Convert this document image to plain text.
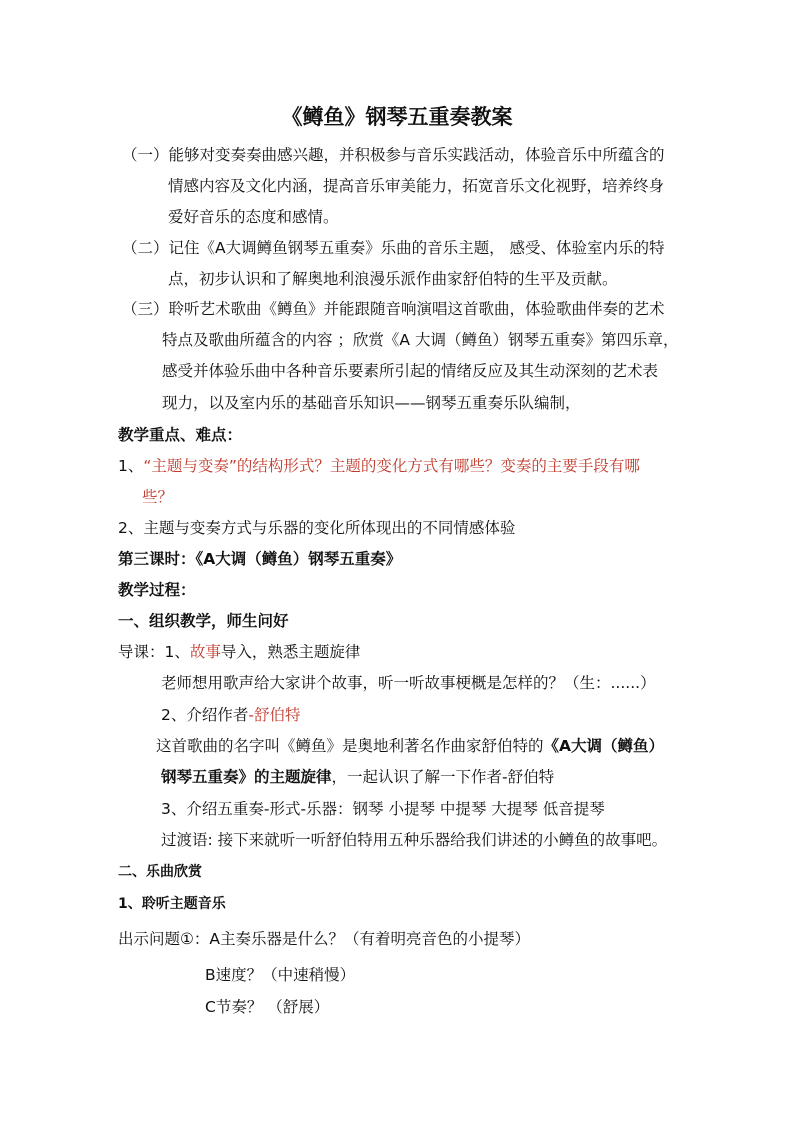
《鳟鱼》钢琴五重奏教案
（一）能够对变奏奏曲感兴趣，并积极参与音乐实践活动，体验音乐中所蕴含的
情感内容及文化内涵，提高音乐审美能力，拓宽音乐文化视野，培养终身
爱好音乐的态度和感情。
（二）记住《A大调鳟鱼钢琴五重奏》乐曲的音乐主题， 感受、体验室内乐的特
点，初步认识和了解奥地利浪漫乐派作曲家舒伯特的生平及贡献。
（三）聆听艺术歌曲《鳟鱼》并能跟随音响演唱这首歌曲，体验歌曲伴奏的艺术
特点及歌曲所蕴含的内容 ；欣赏《A 大调（鳟鱼）钢琴五重奏》第四乐章，
感受并体验乐曲中各种音乐要素所引起的情绪反应及其生动深刻的艺术表
现力，以及室内乐的基础音乐知识——钢琴五重奏乐队编制，
教学重点、难点：
1、“主题与变奏”的结构形式？主题的变化方式有哪些？变奏的主要手段有哪
些？
2、主题与变奏方式与乐器的变化所体现出的不同情感体验
第三课时：《A大调（鳟鱼）钢琴五重奏》
教学过程：
一、组织教学，师生问好
导课：1、故事导入，熟悉主题旋律
老师想用歌声给大家讲个故事，听一听故事梗概是怎样的？（生：......）
2、介绍作者-舒伯特
这首歌曲的名字叫《鳟鱼》是奥地利著名作曲家舒伯特的《A大调（鳟鱼）
钢琴五重奏》的主题旋律，一起认识了解一下作者-舒伯特
3、介绍五重奏-形式-乐器：钢琴 小提琴 中提琴 大提琴 低音提琴
过渡语: 接下来就听一听舒伯特用五种乐器给我们讲述的小鳟鱼的故事吧。
二、乐曲欣赏
1、聆听主题音乐
出示问题①：A主奏乐器是什么？（有着明亮音色的小提琴）
B速度？（中速稍慢）
C节奏？ （舒展）
